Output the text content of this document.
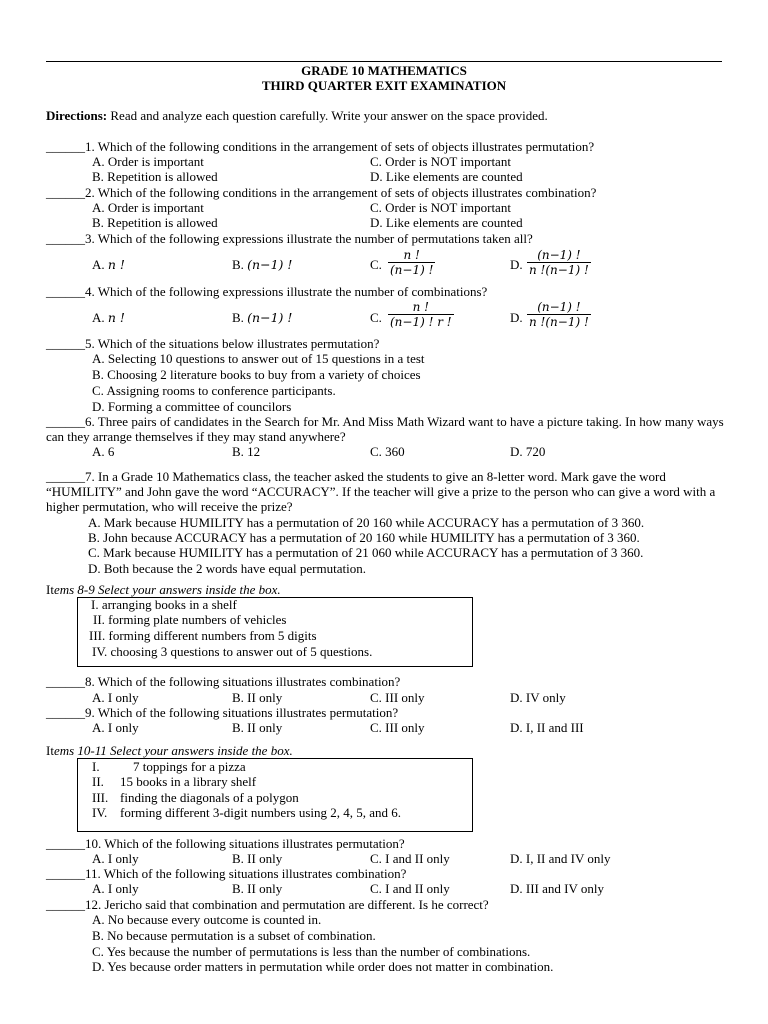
GRADE 10 MATHEMATICS
THIRD QUARTER EXIT EXAMINATION
Directions: Read and analyze each question carefully. Write your answer on the space provided.
______1. Which of the following conditions in the arrangement of sets of objects illustrates permutation?
A. Order is important	C. Order is NOT important
B. Repetition is allowed	D. Like elements are counted
______2. Which of the following conditions in the arrangement of sets of objects illustrates combination?
A. Order is important	C. Order is NOT important
B. Repetition is allowed	D. Like elements are counted
______3. Which of the following expressions illustrate the number of permutations taken all?
A. n !	B. (n−1) !	C. $\frac{n !}{(n-1) !}$	D. $\frac{(n-1) !}{n !(n-1) !}$
______4. Which of the following expressions illustrate the number of combinations?
A. n !	B. (n−1) !	C. $\frac{n !}{(n-1) ! r !}$	D. $\frac{(n-1) !}{n !(n-1) !}$
______5. Which of the situations below illustrates permutation?
A. Selecting 10 questions to answer out of 15 questions in a test
B. Choosing 2 literature books to buy from a variety of choices
C. Assigning rooms to conference participants.
D. Forming a committee of councilors
______6. Three pairs of candidates in the Search for Mr. And Miss Math Wizard want to have a picture taking. In how many ways can they arrange themselves if they may stand anywhere?
A. 6	B. 12	C. 360	D. 720
______7. In a Grade 10 Mathematics class, the teacher asked the students to give an 8-letter word. Mark gave the word “HUMILITY” and John gave the word “ACCURACY”. If the teacher will give a prize to the person who can give a word with a higher permutation, who will receive the prize?
A. Mark because HUMILITY has a permutation of 20 160 while ACCURACY has a permutation of 3 360.
B. John because ACCURACY has a permutation of 20 160 while HUMILITY has a permutation of 3 360.
C. Mark because HUMILITY has a permutation of 21 060 while ACCURACY has a permutation of 3 360.
D. Both because the 2 words have equal permutation.
Items 8-9 Select your answers inside the box.
I. arranging books in a shelf
II. forming plate numbers of vehicles
III. forming different numbers from 5 digits
IV. choosing 3 questions to answer out of 5 questions.
______8. Which of the following situations illustrates combination?
A. I only	B. II only	C. III only	D. IV only
______9. Which of the following situations illustrates permutation?
A. I only	B. II only	C. III only	D. I, II and III
Items 10-11 Select your answers inside the box.
I.	7 toppings for a pizza
II. 15 books in a library shelf
III. finding the diagonals of a polygon
IV. forming different 3-digit numbers using 2, 4, 5, and 6.
______10. Which of the following situations illustrates permutation?
A. I only	B. II only	C. I and II only	D. I, II and IV only
______11. Which of the following situations illustrates combination?
A. I only	B. II only	C. I and II only	D. III and IV only
______12. Jericho said that combination and permutation are different. Is he correct?
A. No because every outcome is counted in.
B. No because permutation is a subset of combination.
C. Yes because the number of permutations is less than the number of combinations.
D. Yes because order matters in permutation while order does not matter in combination.
